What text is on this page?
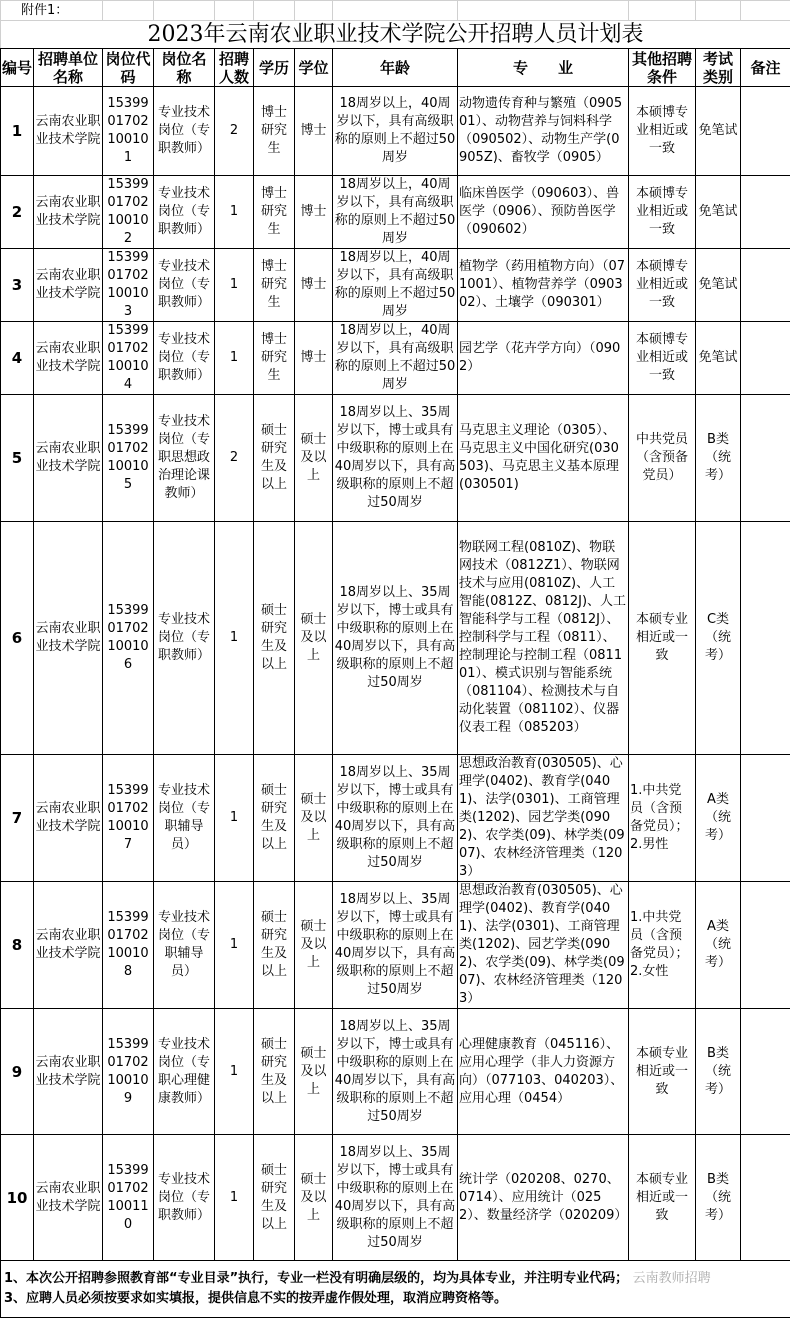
附件1：											
2023年云南农业职业技术学院公开招聘人员计划表											
编号	招聘单位名称	岗位代码	岗位名称	招聘人数	学历	学位	年龄	专　　业	其他招聘条件	考试类别	备注
1	云南农业职业技术学院	1539901702100101	专业技术岗位（专职教师）	2	博士研究生	博士	18周岁以上，40周岁以下，具有高级职称的原则上不超过50周岁	动物遗传育种与繁殖（090501）、动物营养与饲料科学（090502）、动物生产学(0905Z)、畜牧学（0905）	本硕博专业相近或一致	免笔试	
2	云南农业职业技术学院	1539901702100102	专业技术岗位（专职教师）	1	博士研究生	博士	18周岁以上，40周岁以下，具有高级职称的原则上不超过50周岁	临床兽医学（090603）、兽医学（0906）、预防兽医学（090602）	本硕博专业相近或一致	免笔试	
3	云南农业职业技术学院	1539901702100103	专业技术岗位（专职教师）	1	博士研究生	博士	18周岁以上，40周岁以下，具有高级职称的原则上不超过50周岁	植物学（药用植物方向）（071001）、植物营养学（090302）、土壤学（090301）	本硕博专业相近或一致	免笔试	
4	云南农业职业技术学院	1539901702100104	专业技术岗位（专职教师）	1	博士研究生	博士	18周岁以上，40周岁以下，具有高级职称的原则上不超过50周岁	园艺学（花卉学方向）（0902）	本硕博专业相近或一致	免笔试	
5	云南农业职业技术学院	1539901702100105	专业技术岗位（专职思想政治理论课教师）	2	硕士研究生及以上	硕士及以上	18周岁以上、35周岁以下，博士或具有中级职称的原则上在40周岁以下，具有高级职称的原则上不超过50周岁	马克思主义理论（0305）、马克思主义中国化研究(030503)、马克思主义基本原理(030501)	中共党员（含预备党员）	B类（统考）	
6	云南农业职业技术学院	1539901702100106	专业技术岗位（专职教师）	1	硕士研究生及以上	硕士及以上	18周岁以上、35周岁以下，博士或具有中级职称的原则上在40周岁以下，具有高级职称的原则上不超过50周岁	物联网工程(0810Z)、物联网技术（0812Z1）、物联网技术与应用(0810Z)、人工智能(0812Z、0812J)、人工智能科学与工程（0812J）、控制科学与工程（0811）、控制理论与控制工程（081101）、模式识别与智能系统（081104）、检测技术与自动化装置（081102）、仪器仪表工程（085203）	本硕专业相近或一致	C类（统考）	
7	云南农业职业技术学院	1539901702100107	专业技术岗位（专职辅导员）	1	硕士研究生及以上	硕士及以上	18周岁以上、35周岁以下，博士或具有中级职称的原则上在40周岁以下，具有高级职称的原则上不超过50周岁	思想政治教育(030505)、心理学(0402)、教育学(0401)、法学(0301)、工商管理类(1202)、园艺学类(0902)、农学类(09)、林学类(0907)、农林经济管理类（1203）	1.中共党员（含预备党员）；2.男性	A类（统考）	
8	云南农业职业技术学院	1539901702100108	专业技术岗位（专职辅导员）	1	硕士研究生及以上	硕士及以上	18周岁以上、35周岁以下，博士或具有中级职称的原则上在40周岁以下，具有高级职称的原则上不超过50周岁	思想政治教育(030505)、心理学(0402)、教育学(0401)、法学(0301)、工商管理类(1202)、园艺学类(0902)、农学类(09)、林学类(0907)、农林经济管理类（1203）	1.中共党员（含预备党员）；2.女性	A类（统考）	
9	云南农业职业技术学院	1539901702100109	专业技术岗位（专职心理健康教师）	1	硕士研究生及以上	硕士及以上	18周岁以上、35周岁以下，博士或具有中级职称的原则上在40周岁以下，具有高级职称的原则上不超过50周岁	心理健康教育（045116）、应用心理学（非人力资源方向）（077103、040203）、应用心理（0454）	本硕专业相近或一致	B类（统考）	
10	云南农业职业技术学院	1539901702100110	专业技术岗位（专职教师）	1	硕士研究生及以上	硕士及以上	18周岁以上、35周岁以下，博士或具有中级职称的原则上在40周岁以下，具有高级职称的原则上不超过50周岁	统计学（020208、0270、0714）、应用统计（0252）、数量经济学（020209）	本硕专业相近或一致	B类（统考）	

1、本次公开招聘参照教育部“专业目录”执行，专业一栏没有明确层级的，均为具体专业，并注明专业代码； 云南教师招聘
3、应聘人员必须按要求如实填报，提供信息不实的按弄虚作假处理，取消应聘资格等。											
